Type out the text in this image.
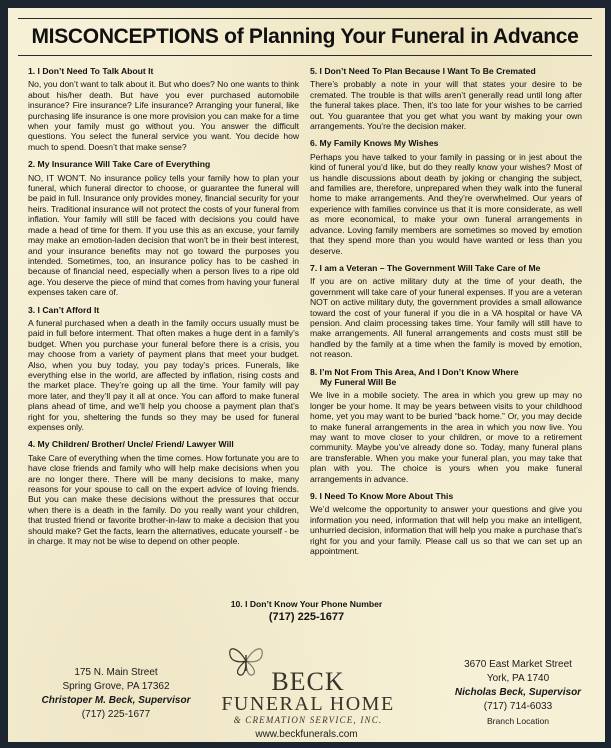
MISCONCEPTIONS of Planning Your Funeral in Advance
1. I Don’t Need To Talk About It

No, you don’t want to talk about it. But who does? No one wants to think about his/her death. But have you ever purchased automobile insurance? Fire insurance? Life insurance? Arranging your funeral, like purchasing life insurance is one more provision you can make for a time when your family must go without you. You answer the difficult questions. You select the funeral service you want. You decide how much to spend. Doesn’t that make sense?

2. My Insurance Will Take Care of Everything

NO, IT WON’T. No insurance policy tells your family how to plan your funeral, which funeral director to choose, or guarantee the funeral will be paid in full. Insurance only provides money, financial security for your heirs. Traditional insurance will not protect the costs of your funeral from inflation. Your family will still be faced with decisions you could have made a head of time for them. If you use this as an excuse, your family may make an emotion-laden decision that won’t be in their best interest, and your insurance benefits may not go toward the purposes you intended. Sometimes, too, an insurance policy has to be cashed in because of financial need, especially when a person lives to a ripe old age. You deserve the piece of mind that comes from having your funeral expenses taken care of.

3. I Can’t Afford It

A funeral purchased when a death in the family occurs usually must be paid in full before interment. That often makes a huge dent in a family’s budget. When you purchase your funeral before there is a crisis, you may choose from a variety of payment plans that meet your budget. Also, when you buy today, you pay today’s prices. Funerals, like everything else in the world, are affected by inflation, rising costs and the market place. They’re going up all the time. Your family will pay more later, and they’ll pay it all at once. You can afford to make funeral plans ahead of time, and we’ll help you choose a payment plan that’s right for you, sheltering the funds so they may be used for funeral expenses only.

4. My Children/ Brother/ Uncle/ Friend/ Lawyer Will

Take Care of everything when the time comes. How fortunate you are to have close friends and family who will help make decisions when you are no longer there. There will be many decisions to make, many reasons for your spouse to call on the expert advice of loving friends. But you can make these decisions without the pressures that occur when there is a death in the family. Do you really want your children, that trusted friend or favorite brother-in-law to make a decision that you should make? Get the facts, learn the alternatives, educate yourself - be in charge. It may not be wise to depend on other people.

5. I Don’t Need To Plan Because I Want To Be Cremated

There’s probably a note in your will that states your desire to be cremated. The trouble is that wills aren’t generally read until long after the funeral takes place. Then, it’s too late for your wishes to be carried out. You guarantee that you get what you want by making your own arrangements. You’re the decision maker.

6. My Family Knows My Wishes

Perhaps you have talked to your family in passing or in jest about the kind of funeral you’d like, but do they really know your wishes? Most of us handle discussions about death by joking or changing the subject, and families are, therefore, unprepared when they walk into the funeral home to make arrangements. And they’re overwhelmed. Our years of experience with families convince us that it is more considerate, as well as more economical, to make your own funeral arrangements in advance. Loving family members are sometimes so moved by emotion that they spend more than you would have wanted or less than you deserve.

7. I am a Veteran – The Government Will Take Care of Me

If you are on active military duty at the time of your death, the government will take care of your funeral expenses. If you are a veteran NOT on active military duty, the government provides a small allowance toward the cost of your funeral if you die in a VA hospital or have VA pension. And claim processing takes time. Your family will still have to make arrangements. All funeral arrangements and costs must still be handled by the family at a time when the family is moved by emotion, not reason.

8. I’m Not From This Area, And I Don’t Know Where
My Funeral Will Be

We live in a mobile society. The area in which you grew up may no longer be your home. It may be years between visits to your childhood home, yet you may want to be buried “back home.” Or, you may decide to make funeral arrangements in the area in which you now live. You may want to move closer to your children, or move to a retirement community. Maybe you’ve already done so. Today, many funeral plans are transferable. When you make your funeral plan, you may take that plan with you. The choice is yours when you make funeral arrangements in advance.

9. I Need To Know More About This

We’d welcome the opportunity to answer your questions and give you information you need, information that will help you make an intelligent, unhurried decision, information that will help you make a purchase that’s right for you and your family. Please call us so that we can set up an appointment.

10. I Don’t Know Your Phone Number
(717) 225-1677
175 N. Main Street
Spring Grove, PA 17362
Christoper M. Beck, Supervisor
(717) 225-1677
BECK
FUNERAL HOME
& CREMATION SERVICE, INC.
3670 East Market Street
York, PA 1740
Nicholas Beck, Supervisor
(717) 714-6033
Branch Location
www.beckfunerals.com
